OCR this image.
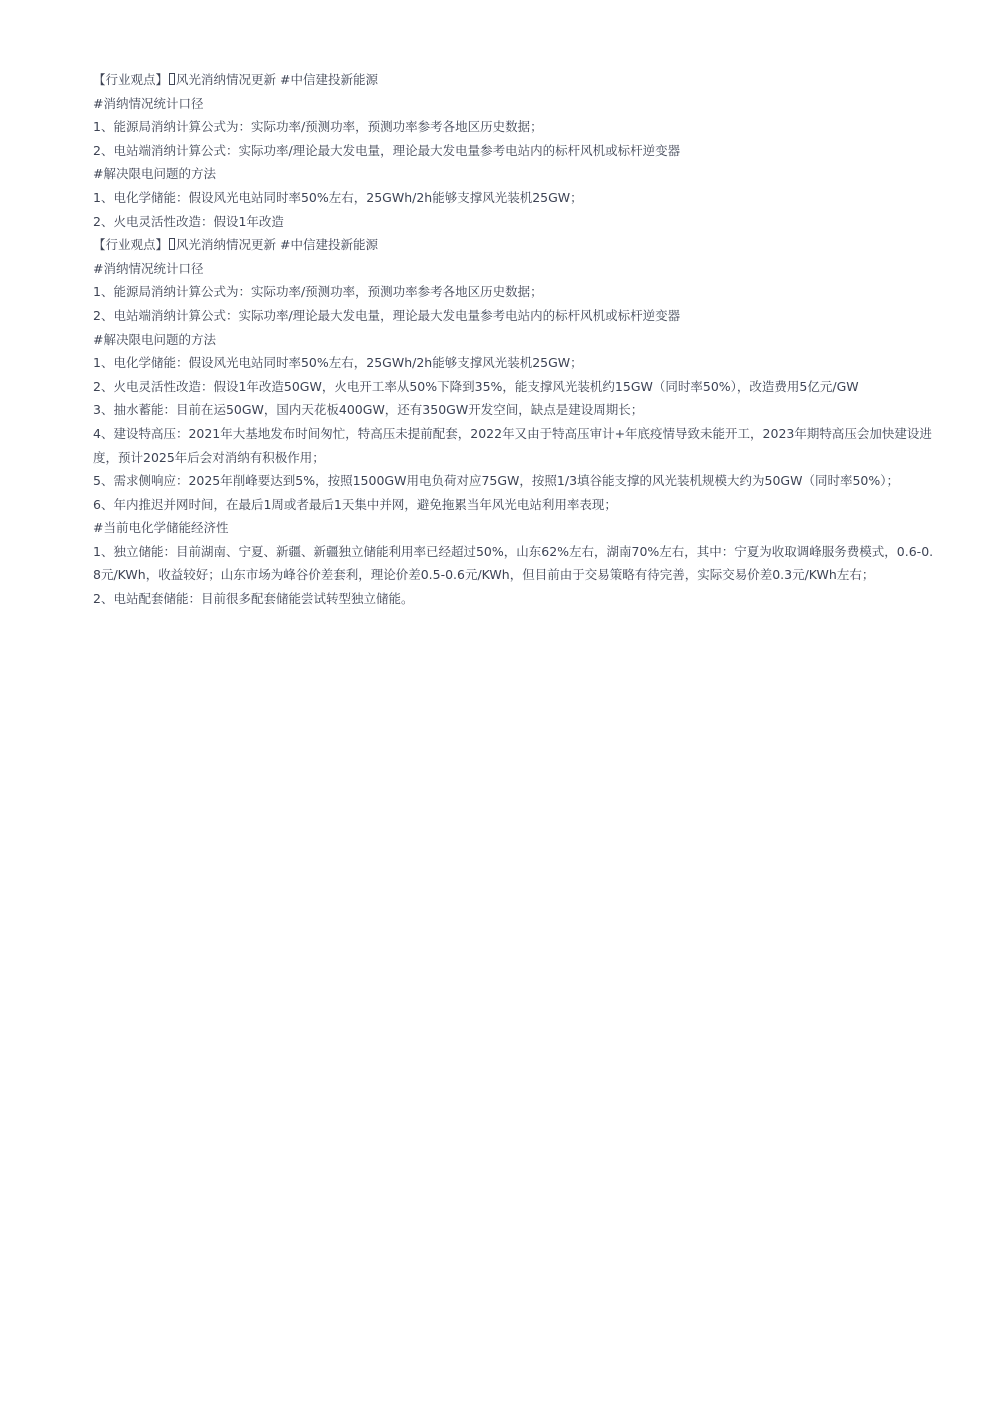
【行业观点】 风光消纳情况更新 #中信建投新能源

#消纳情况统计口径

1、能源局消纳计算公式为：实际功率/预测功率，预测功率参考各地区历史数据；

2、电站端消纳计算公式：实际功率/理论最大发电量，理论最大发电量参考电站内的标杆风机或标杆逆变器

#解决限电问题的方法

1、电化学储能：假设风光电站同时率50%左右，25GWh/2h能够支撑风光装机25GW；

2、火电灵活性改造：假设1年改造

【行业观点】 风光消纳情况更新 #中信建投新能源

#消纳情况统计口径

1、能源局消纳计算公式为：实际功率/预测功率，预测功率参考各地区历史数据；

2、电站端消纳计算公式：实际功率/理论最大发电量，理论最大发电量参考电站内的标杆风机或标杆逆变器

#解决限电问题的方法

1、电化学储能：假设风光电站同时率50%左右，25GWh/2h能够支撑风光装机25GW；

2、火电灵活性改造：假设1年改造50GW，火电开工率从50%下降到35%，能支撑风光装机约15GW（同时率50%），改造费用5亿元/GW

3、抽水蓄能：目前在运50GW，国内天花板400GW，还有350GW开发空间，缺点是建设周期长；

4、建设特高压：2021年大基地发布时间匆忙，特高压未提前配套，2022年又由于特高压审计+年底疫情导致未能开工，2023年期特高压会加快建设进度，预计2025年后会对消纳有积极作用；

5、需求侧响应：2025年削峰要达到5%，按照1500GW用电负荷对应75GW，按照1/3填谷能支撑的风光装机规模大约为50GW（同时率50%）；

6、年内推迟并网时间，在最后1周或者最后1天集中并网，避免拖累当年风光电站利用率表现；

#当前电化学储能经济性

1、独立储能：目前湖南、宁夏、新疆、新疆独立储能利用率已经超过50%，山东62%左右，湖南70%左右，其中：宁夏为收取调峰服务费模式，0.6-0.8元/KWh，收益较好；山东市场为峰谷价差套利，理论价差0.5-0.6元/KWh，但目前由于交易策略有待完善，实际交易价差0.3元/KWh左右；

2、电站配套储能：目前很多配套储能尝试转型独立储能。
